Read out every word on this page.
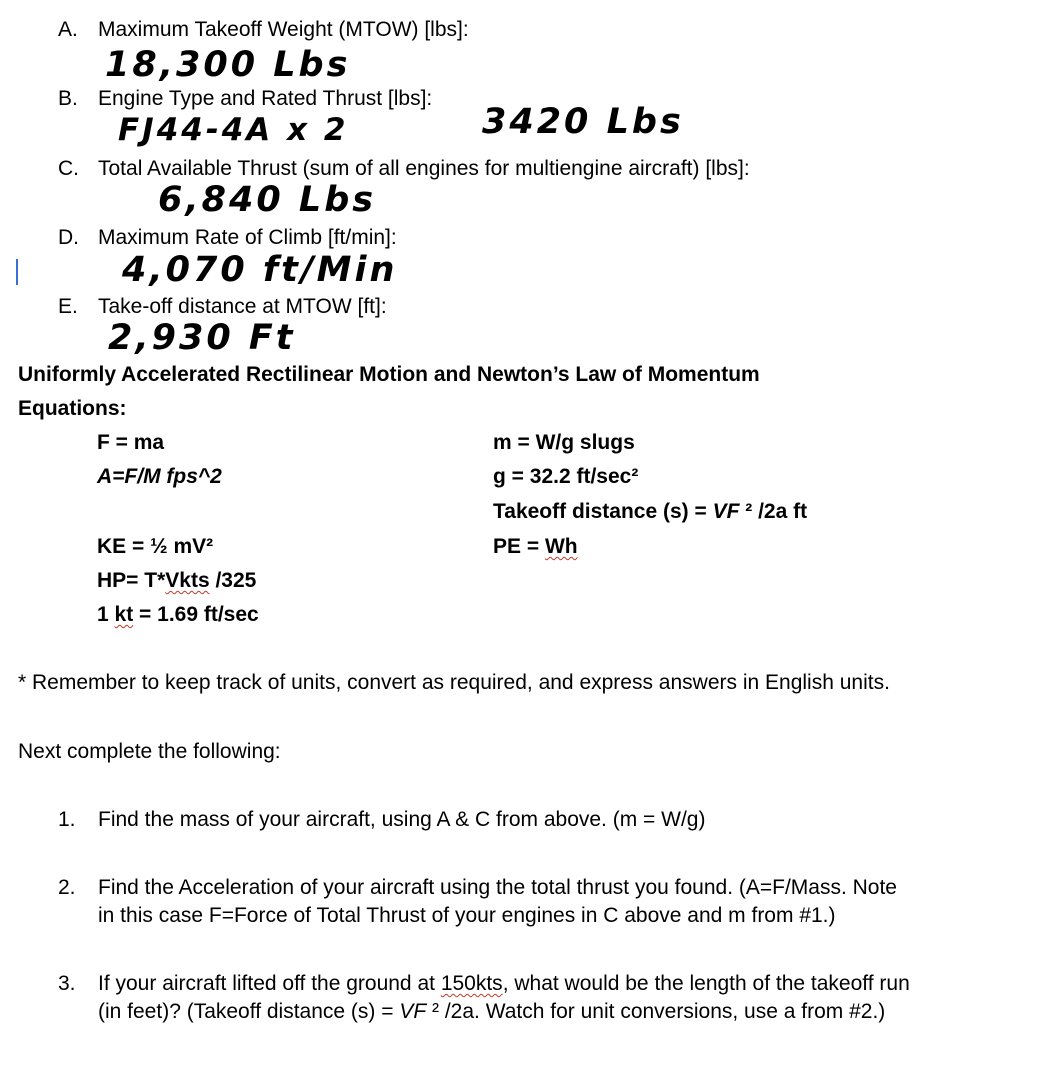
A. Maximum Takeoff Weight (MTOW) [lbs]:
18,300 Lbs
B. Engine Type and Rated Thrust [lbs]:
FJ44-4A x 2	3420 Lbs
C. Total Available Thrust (sum of all engines for multiengine aircraft) [lbs]:
6,840 Lbs
D. Maximum Rate of Climb [ft/min]:
4,070 ft/Min
E. Take-off distance at MTOW [ft]:
2,930 Ft
Uniformly Accelerated Rectilinear Motion and Newton’s Law of Momentum
Equations:
F = ma
A=F/M fps^2
KE = ½ mV²
HP= T*Vkts /325
1 kt = 1.69 ft/sec
m = W/g slugs
g = 32.2 ft/sec²
Takeoff distance (s) = VF ² /2a ft
PE = Wh
* Remember to keep track of units, convert as required, and express answers in English units.
Next complete the following:
1. Find the mass of your aircraft, using A & C from above. (m = W/g)
2. Find the Acceleration of your aircraft using the total thrust you found. (A=F/Mass. Note
in this case F=Force of Total Thrust of your engines in C above and m from #1.)
3. If your aircraft lifted off the ground at 150kts, what would be the length of the takeoff run
(in feet)? (Takeoff distance (s) = VF ² /2a. Watch for unit conversions, use a from #2.)
